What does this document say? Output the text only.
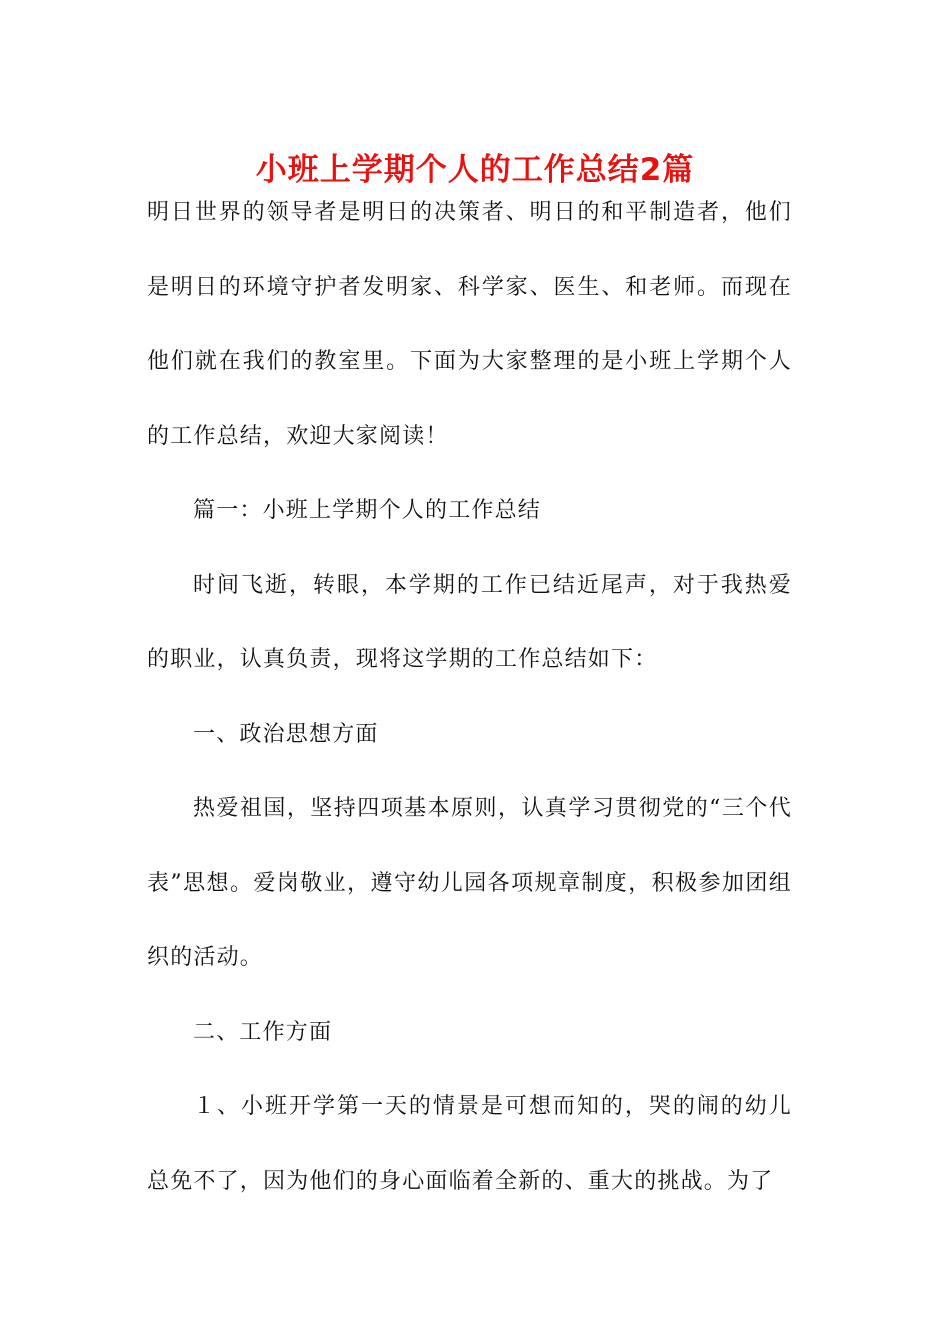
小班上学期个人的工作总结2篇

明日世界的领导者是明日的决策者、明日的和平制造者，他们是明日的环境守护者发明家、科学家、医生、和老师。而现在他们就在我们的教室里。下面为大家整理的是小班上学期个人的工作总结，欢迎大家阅读！

篇一：小班上学期个人的工作总结

时间飞逝，转眼，本学期的工作已结近尾声，对于我热爱的职业，认真负责，现将这学期的工作总结如下：

一、政治思想方面

热爱祖国，坚持四项基本原则，认真学习贯彻党的“三个代表”思想。爱岗敬业，遵守幼儿园各项规章制度，积极参加团组织的活动。

二、工作方面

１、小班开学第一天的情景是可想而知的，哭的闹的幼儿总免不了，因为他们的身心面临着全新的、重大的挑战。为了
